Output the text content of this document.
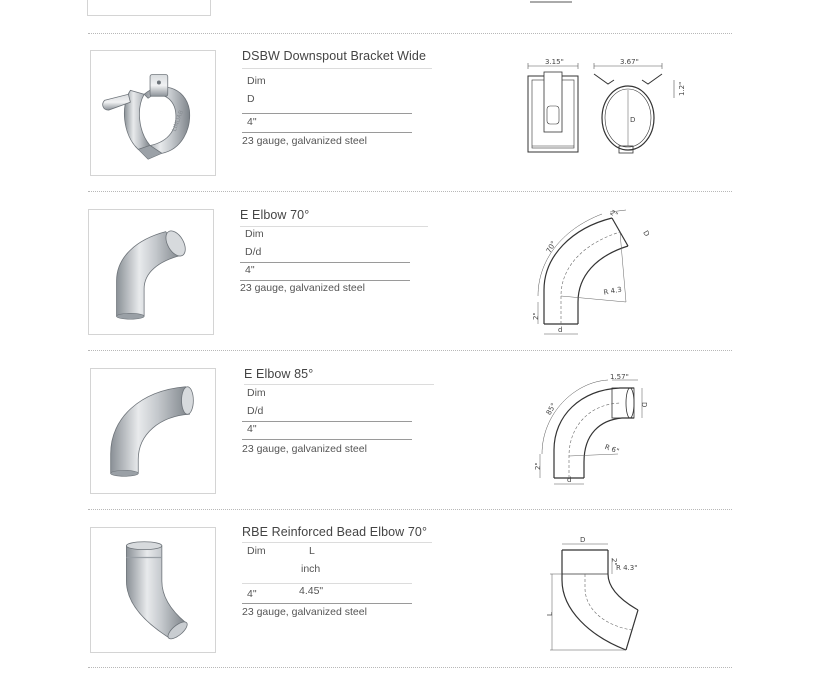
LINDAB
DSBW Downspout Bracket Wide
Dim
D
4"
23 gauge, galvanized steel
3.15"	3.67"
D
1.2"
E Elbow 70°
Dim
D/d
4"
23 gauge, galvanized steel
2"
D
70°
R 4.3
2"
d
E Elbow 85°
Dim
D/d
4"
23 gauge, galvanized steel
1.57"
D
85°
R 6"
2"
d
RBE Reinforced Bead Elbow 70°
Dim	L
inch
4"	4.45"
23 gauge, galvanized steel
D
2"
R 4.3"
L
